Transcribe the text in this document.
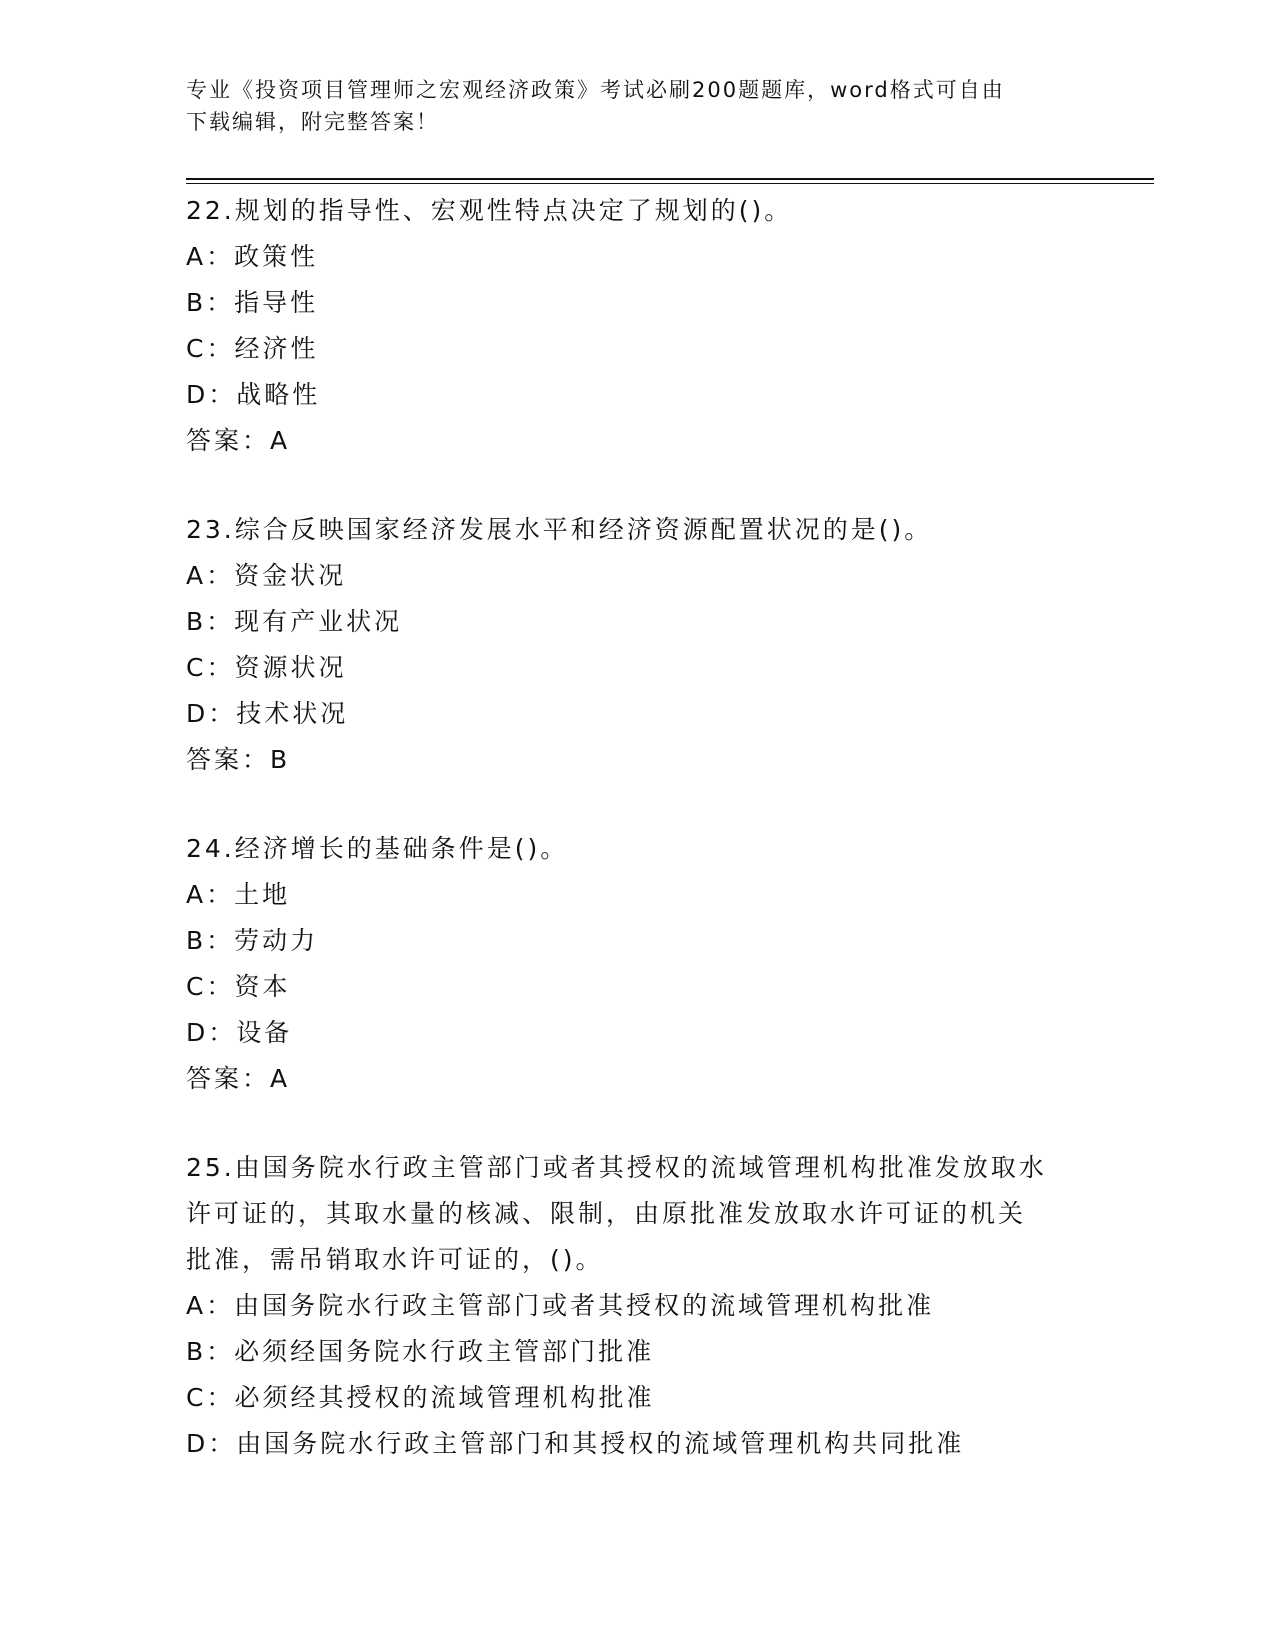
专业《投资项目管理师之宏观经济政策》考试必刷200题题库，word格式可自由
下载编辑，附完整答案！
22.规划的指导性、宏观性特点决定了规划的()。
A：政策性
B：指导性
C：经济性
D：战略性
答案：A
23.综合反映国家经济发展水平和经济资源配置状况的是()。
A：资金状况
B：现有产业状况
C：资源状况
D：技术状况
答案：B
24.经济增长的基础条件是()。
A：土地
B：劳动力
C：资本
D：设备
答案：A
25.由国务院水行政主管部门或者其授权的流域管理机构批准发放取水
许可证的，其取水量的核减、限制，由原批准发放取水许可证的机关
批准，需吊销取水许可证的，()。
A：由国务院水行政主管部门或者其授权的流域管理机构批准
B：必须经国务院水行政主管部门批准
C：必须经其授权的流域管理机构批准
D：由国务院水行政主管部门和其授权的流域管理机构共同批准
